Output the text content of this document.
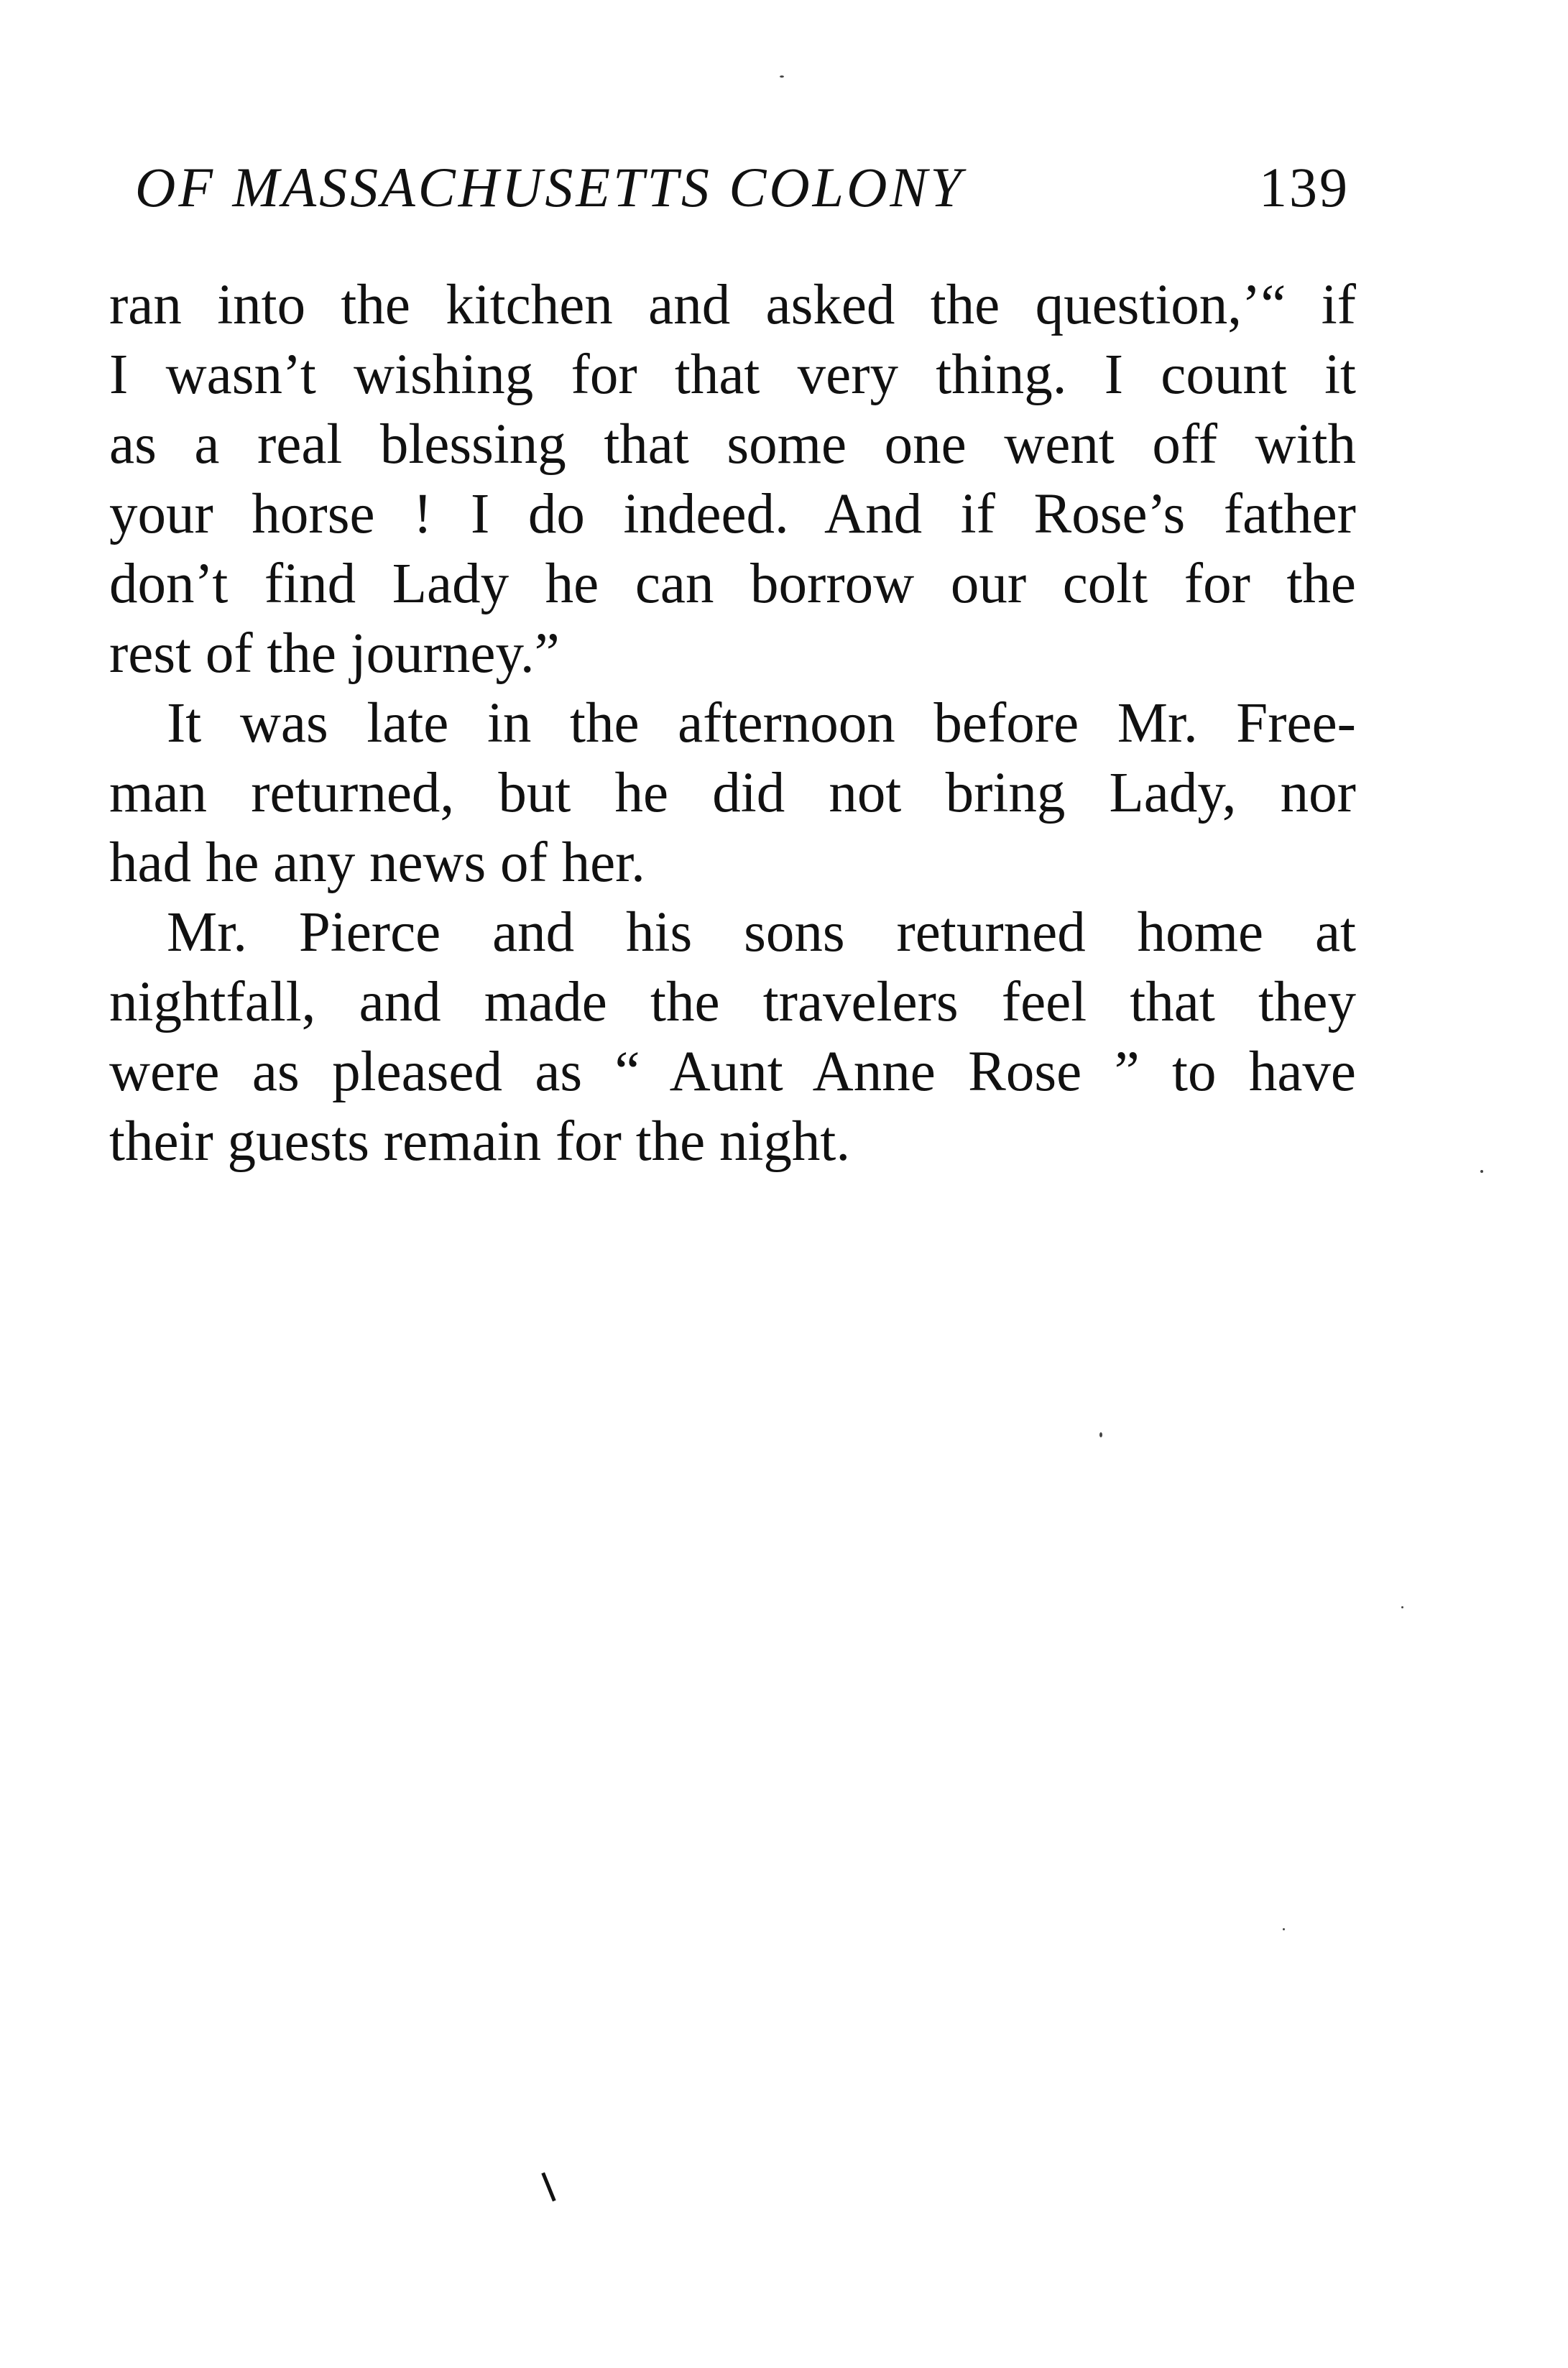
OF MASSACHUSETTS COLONY	139
ran into the kitchen and asked the question,’“ if
I wasn’t wishing for that very thing. I count it
as a real blessing that some one went off with
your horse ! I do indeed. And if Rose’s father
don’t find Lady he can borrow our colt for the
rest of the journey.”
It was late in the afternoon before Mr. Free-
man returned, but he did not bring Lady, nor
had he any news of her.
Mr. Pierce and his sons returned home at
nightfall, and made the travelers feel that they
were as pleased as “ Aunt Anne Rose ” to have
their guests remain for the night.
